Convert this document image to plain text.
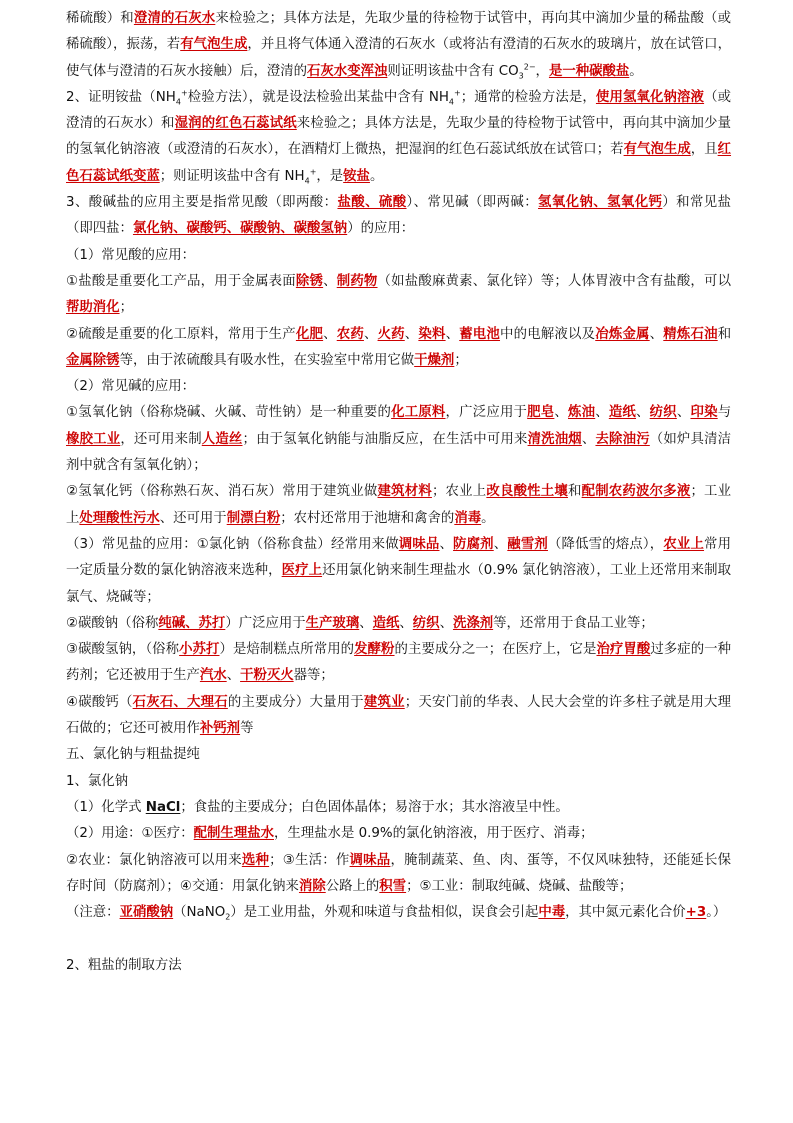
稀硫酸）和澄清的石灰水来检验之；具体方法是，先取少量的待检物于试管中，再向其中滴加少量的稀盐酸（或稀硫酸），振荡，若有气泡生成，并且将气体通入澄清的石灰水（或将沾有澄清的石灰水的玻璃片，放在试管口，使气体与澄清的石灰水接触）后，澄清的石灰水变浑浊则证明该盐中含有 $CO_3^{2-}$，是一种碳酸盐。

2、证明铵盐（$NH_4^+$检验方法），就是设法检验出某盐中含有 $NH_4^+$；通常的检验方法是，使用氢氧化钠溶液（或澄清的石灰水）和湿润的红色石蕊试纸来检验之；具体方法是，先取少量的待检物于试管中，再向其中滴加少量的氢氧化钠溶液（或澄清的石灰水），在酒精灯上微热，把湿润的红色石蕊试纸放在试管口；若有气泡生成，且红色石蕊试纸变蓝；则证明该盐中含有 $NH_4^+$，是铵盐。

3、酸碱盐的应用主要是指常见酸（即两酸：盐酸、硫酸）、常见碱（即两碱：氢氧化钠、氢氧化钙）和常见盐（即四盐：氯化钠、碳酸钙、碳酸钠、碳酸氢钠）的应用：

（1）常见酸的应用：

①盐酸是重要化工产品，用于金属表面除锈、制药物（如盐酸麻黄素、氯化锌）等；人体胃液中含有盐酸，可以帮助消化；

②硫酸是重要的化工原料，常用于生产化肥、农药、火药、染料、蓄电池中的电解液以及冶炼金属、精炼石油和金属除锈等，由于浓硫酸具有吸水性，在实验室中常用它做干燥剂；

（2）常见碱的应用：

①氢氧化钠（俗称烧碱、火碱、苛性钠）是一种重要的化工原料，广泛应用于肥皂、炼油、造纸、纺织、印染与橡胶工业，还可用来制人造丝；由于氢氧化钠能与油脂反应，在生活中可用来清洗油烟、去除油污（如炉具清洁剂中就含有氢氧化钠）；

②氢氧化钙（俗称熟石灰、消石灰）常用于建筑业做建筑材料；农业上改良酸性土壤和配制农药波尔多液；工业上处理酸性污水、还可用于制漂白粉；农村还常用于池塘和禽舍的消毒。

（3）常见盐的应用：①氯化钠（俗称食盐）经常用来做调味品、防腐剂、融雪剂（降低雪的熔点），农业上常用一定质量分数的氯化钠溶液来选种，医疗上还用氯化钠来制生理盐水（0.9% 氯化钠溶液），工业上还常用来制取氯气、烧碱等；

②碳酸钠（俗称纯碱、苏打）广泛应用于生产玻璃、造纸、纺织、洗涤剂等，还常用于食品工业等；

③碳酸氢钠，（俗称小苏打）是焙制糕点所常用的发酵粉的主要成分之一；在医疗上，它是治疗胃酸过多症的一种药剂；它还被用于生产汽水、干粉灭火器等；

④碳酸钙（石灰石、大理石的主要成分）大量用于建筑业；天安门前的华表、人民大会堂的许多柱子就是用大理石做的；它还可被用作补钙剂等

五、氯化钠与粗盐提纯

1、氯化钠

（1）化学式 NaCl；食盐的主要成分；白色固体晶体；易溶于水；其水溶液呈中性。

（2）用途：①医疗：配制生理盐水，生理盐水是 0.9%的氯化钠溶液，用于医疗、消毒；

②农业：氯化钠溶液可以用来选种；③生活：作调味品，腌制蔬菜、鱼、肉、蛋等，不仅风味独特，还能延长保存时间（防腐剂）；④交通：用氯化钠来消除公路上的积雪；⑤工业：制取纯碱、烧碱、盐酸等；

（注意：亚硝酸钠（NaNO$_2$）是工业用盐，外观和味道与食盐相似，误食会引起中毒，其中氮元素化合价+3。）

2、粗盐的制取方法
